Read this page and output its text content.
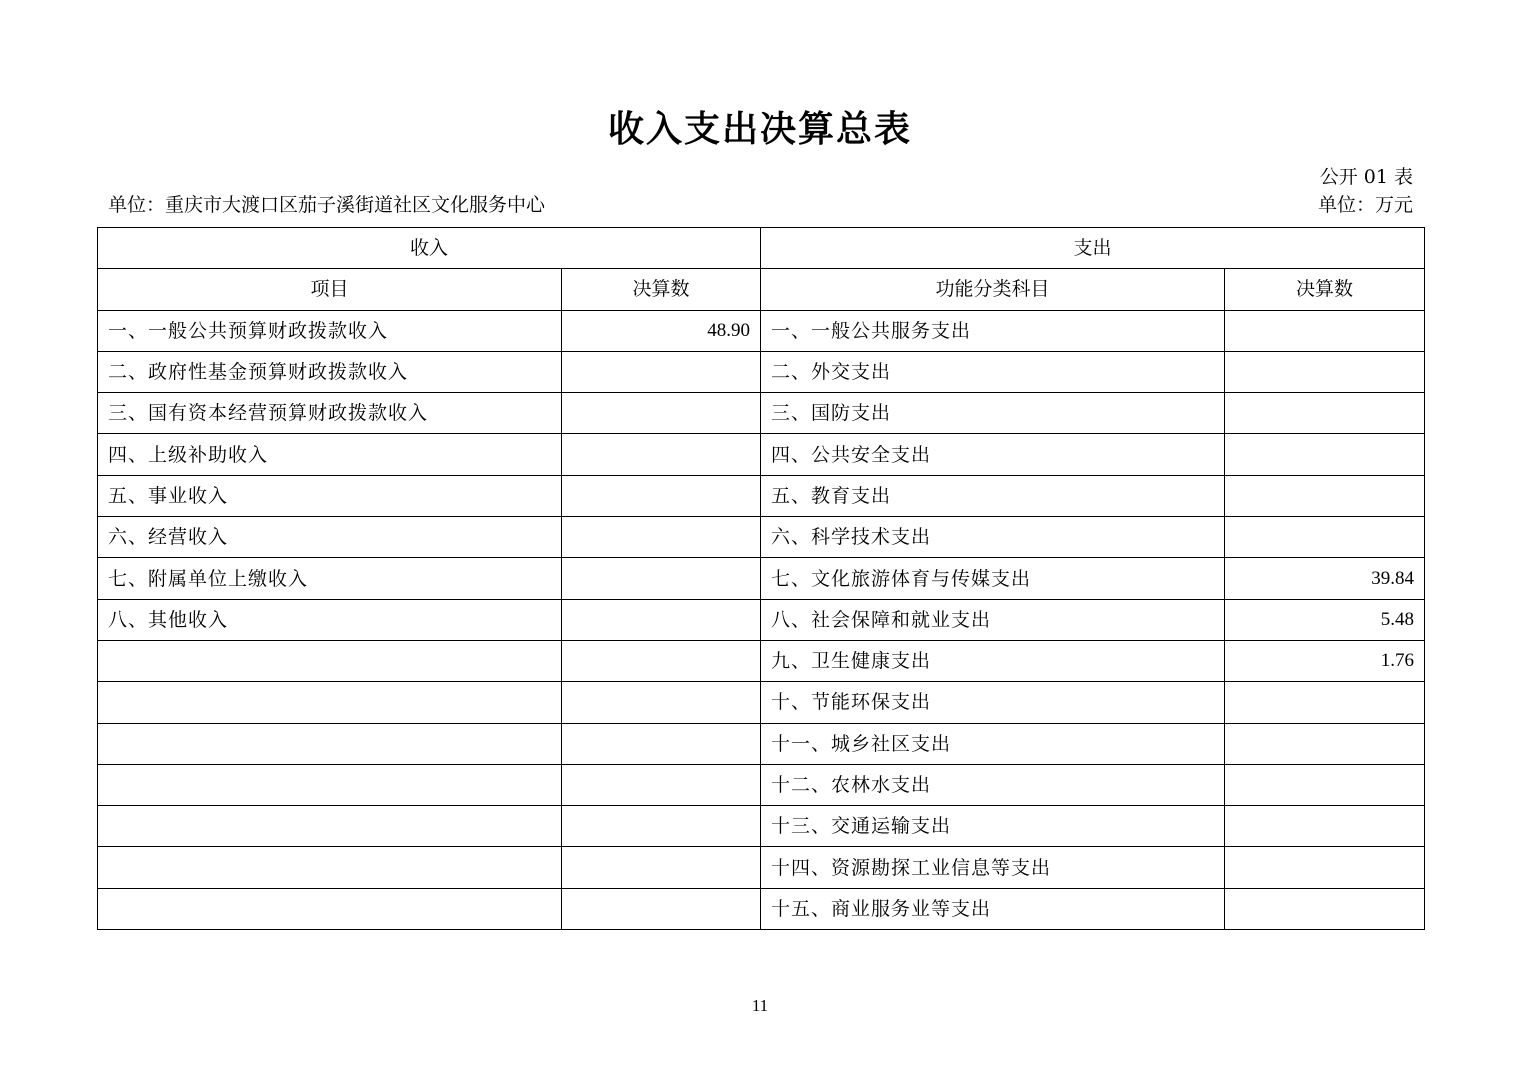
收入支出决算总表
公开 01 表
单位：重庆市大渡口区茄子溪街道社区文化服务中心	单位：万元
收入		支出	
项目	决算数	功能分类科目	决算数
一、一般公共预算财政拨款收入	48.90	一、一般公共服务支出	
二、政府性基金预算财政拨款收入		二、外交支出	
三、国有资本经营预算财政拨款收入		三、国防支出	
四、上级补助收入		四、公共安全支出	
五、事业收入		五、教育支出	
六、经营收入		六、科学技术支出	
七、附属单位上缴收入		七、文化旅游体育与传媒支出	39.84
八、其他收入		八、社会保障和就业支出	5.48
		九、卫生健康支出	1.76
		十、节能环保支出	
		十一、城乡社区支出	
		十二、农林水支出	
		十三、交通运输支出	
		十四、资源勘探工业信息等支出	
		十五、商业服务业等支出	
11
